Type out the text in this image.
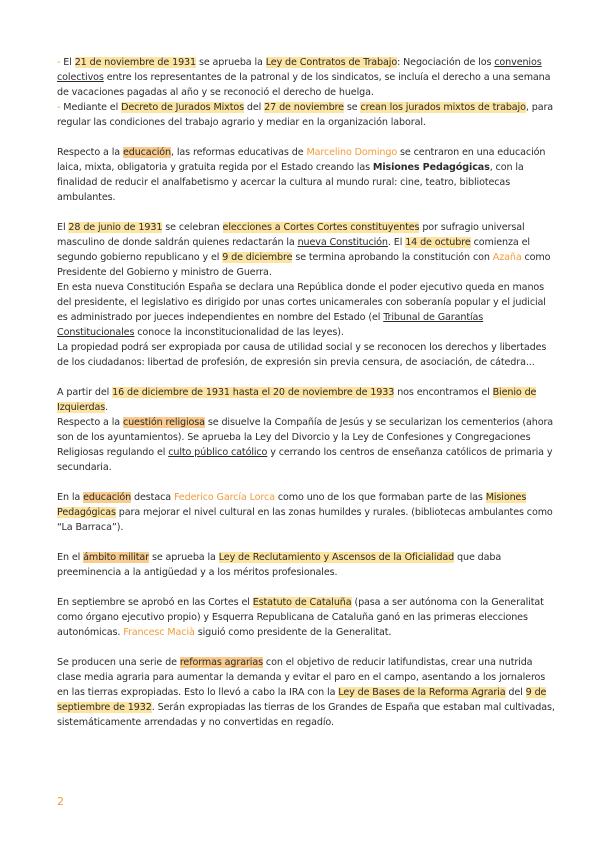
- El 21 de noviembre de 1931 se aprueba la Ley de Contratos de Trabajo: Negociación de los convenios colectivos entre los representantes de la patronal y de los sindicatos, se incluía el derecho a una semana de vacaciones pagadas al año y se reconoció el derecho de huelga.

- Mediante el Decreto de Jurados Mixtos del 27 de noviembre se crean los jurados mixtos de trabajo, para regular las condiciones del trabajo agrario y mediar en la organización laboral.

Respecto a la educación, las reformas educativas de Marcelino Domingo se centraron en una educación laica, mixta, obligatoria y gratuita regida por el Estado creando las Misiones Pedagógicas, con la finalidad de reducir el analfabetismo y acercar la cultura al mundo rural: cine, teatro, bibliotecas ambulantes.

El 28 de junio de 1931 se celebran elecciones a Cortes Cortes constituyentes por sufragio universal masculino de donde saldrán quienes redactarán la nueva Constitución. El 14 de octubre comienza el segundo gobierno republicano y el 9 de diciembre se termina aprobando la constitución con Azaña como Presidente del Gobierno y ministro de Guerra.

En esta nueva Constitución España se declara una República donde el poder ejecutivo queda en manos del presidente, el legislativo es dirigido por unas cortes unicamerales con soberanía popular y el judicial es administrado por jueces independientes en nombre del Estado (el Tribunal de Garantías Constitucionales conoce la inconstitucionalidad de las leyes).

La propiedad podrá ser expropiada por causa de utilidad social y se reconocen los derechos y libertades de los ciudadanos: libertad de profesión, de expresión sin previa censura, de asociación, de cátedra...

A partir del 16 de diciembre de 1931 hasta el 20 de noviembre de 1933 nos encontramos el Bienio de Izquierdas.

Respecto a la cuestión religiosa se disuelve la Compañía de Jesús y se secularizan los cementerios (ahora son de los ayuntamientos). Se aprueba la Ley del Divorcio y la Ley de Confesiones y Congregaciones Religiosas regulando el culto público católico y cerrando los centros de enseñanza católicos de primaria y secundaria.

En la educación destaca Federico García Lorca como uno de los que formaban parte de las Misiones Pedagógicas para mejorar el nivel cultural en las zonas humildes y rurales. (bibliotecas ambulantes como “La Barraca”).

En el ámbito militar se aprueba la Ley de Reclutamiento y Ascensos de la Oficialidad que daba preeminencia a la antigüedad y a los méritos profesionales.

En septiembre se aprobó en las Cortes el Estatuto de Cataluña (pasa a ser autónoma con la Generalitat como órgano ejecutivo propio) y Esquerra Republicana de Cataluña ganó en las primeras elecciones autonómicas. Francesc Macià siguió como presidente de la Generalitat.

Se producen una serie de reformas agrarias con el objetivo de reducir latifundistas, crear una nutrida clase media agraria para aumentar la demanda y evitar el paro en el campo, asentando a los jornaleros en las tierras expropiadas. Esto lo llevó a cabo la IRA con la Ley de Bases de la Reforma Agraria del 9 de septiembre de 1932. Serán expropiadas las tierras de los Grandes de España que estaban mal cultivadas, sistemáticamente arrendadas y no convertidas en regadío.

2
